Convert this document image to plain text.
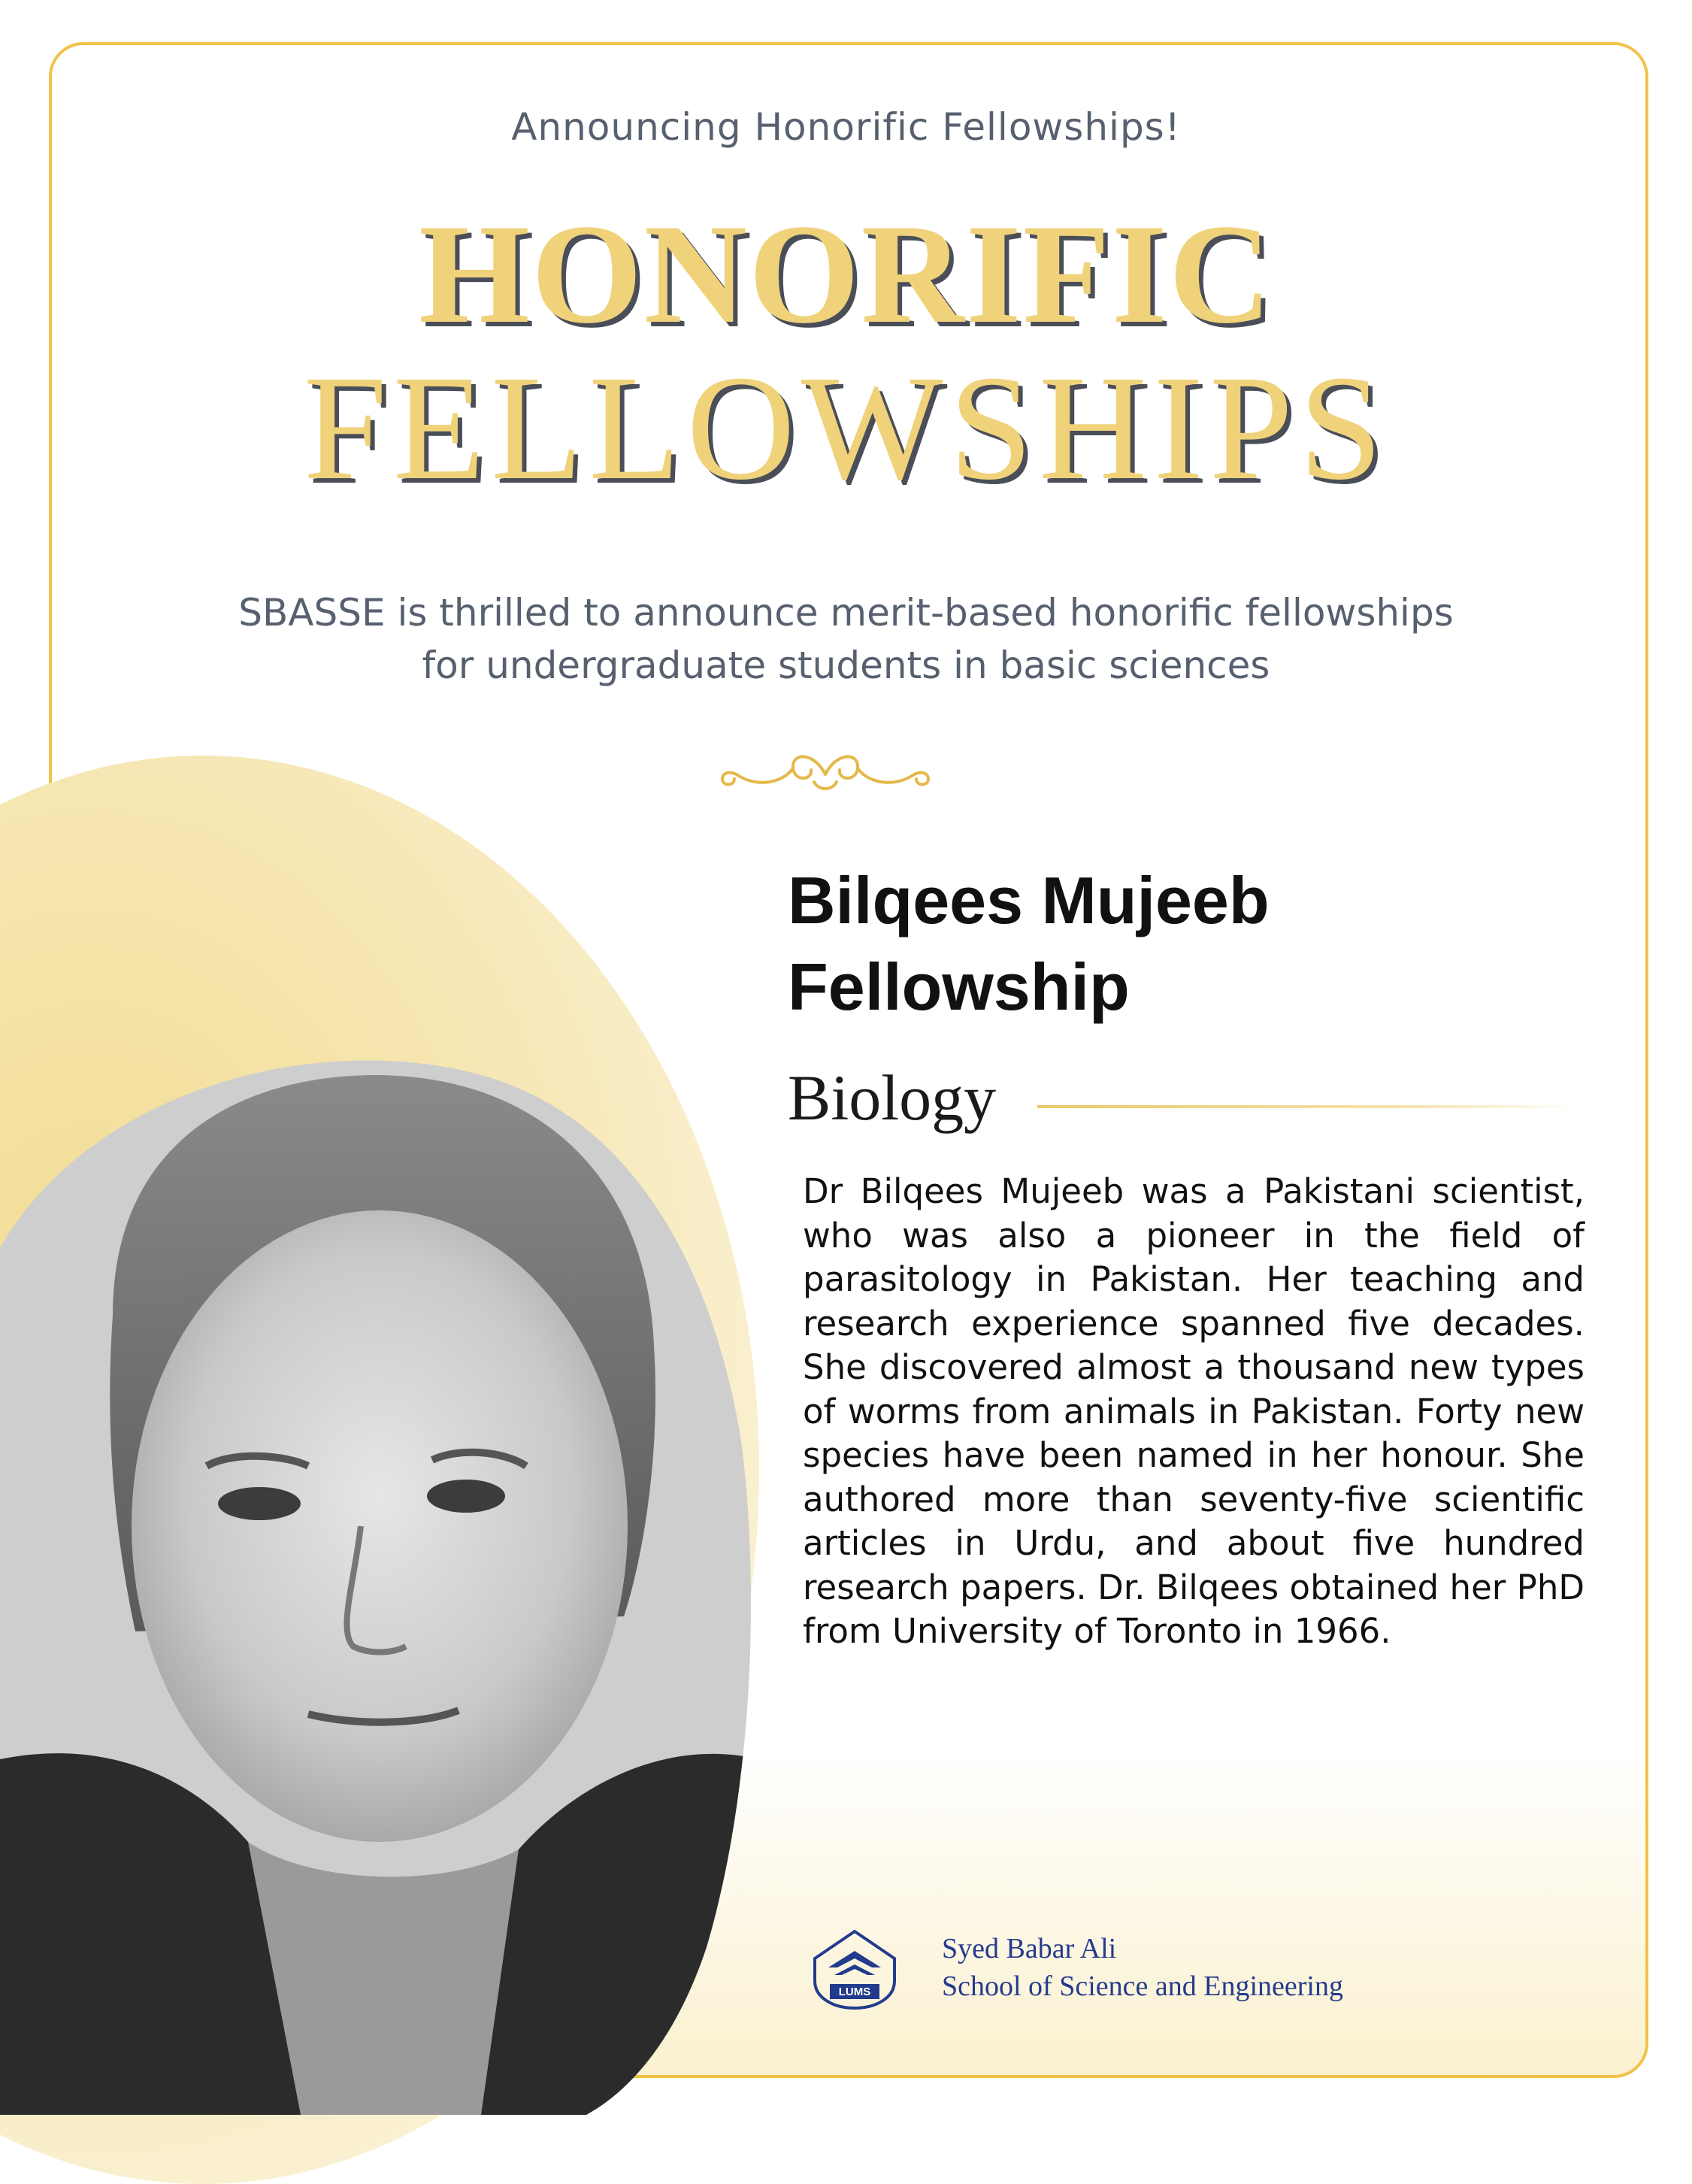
Announcing Honorific Fellowships!
HONORIFIC
FELLOWSHIPS
SBASSE is thrilled to announce merit-based honorific fellowships
for undergraduate students in basic sciences
Bilqees Mujeeb
Fellowship
Biology
Dr Bilqees Mujeeb was a Pakistani scientist, who was also a pioneer in the field of parasitology in Pakistan. Her teaching and research experience spanned five decades. She discovered almost a thousand new types of worms from animals in Pakistan. Forty new species have been named in her honour. She authored more than seventy-five scientific articles in Urdu, and about five hundred research papers. Dr. Bilqees obtained her PhD from University of Toronto in 1966.
LUMS
Syed Babar Ali
School of Science and Engineering
